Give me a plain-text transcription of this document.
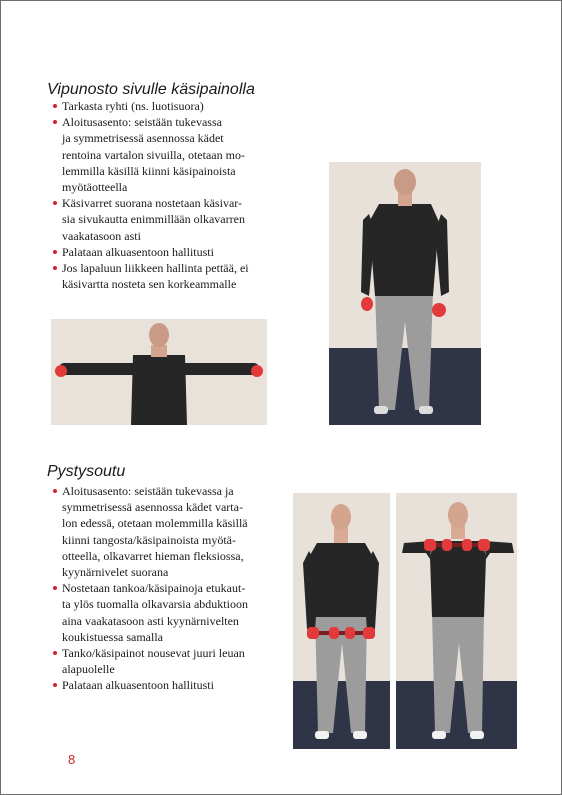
Vipunosto sivulle käsipainolla
Tarkasta ryhti (ns. luotisuora)
Aloitusasento: seistään tukevassa
ja symmetrisessä asennossa kädet
rentoina vartalon sivuilla, otetaan mo-
lemmilla käsillä kiinni käsipainoista
myötäotteella
Käsivarret suorana nostetaan käsivar-
sia sivukautta enimmillään olkavarren
vaakatasoon asti
Palataan alkuasentoon hallitusti
Jos lapaluun liikkeen hallinta pettää, ei
käsivartta nosteta sen korkeammalle
Pystysoutu
Aloitusasento: seistään tukevassa ja
symmetrisessä asennossa kädet varta-
lon edessä, otetaan molemmilla käsillä
kiinni tangosta/käsipainoista myötä-
otteella, olkavarret hieman fleksiossa,
kyynärnivelet suorana
Nostetaan tankoa/käsipainoja etukaut-
ta ylös tuomalla olkavarsia abduktioon
aina vaakatasoon asti kyynärnivelten
koukistuessa samalla
Tanko/käsipainot nousevat juuri leuan
alapuolelle
Palataan alkuasentoon hallitusti
8
